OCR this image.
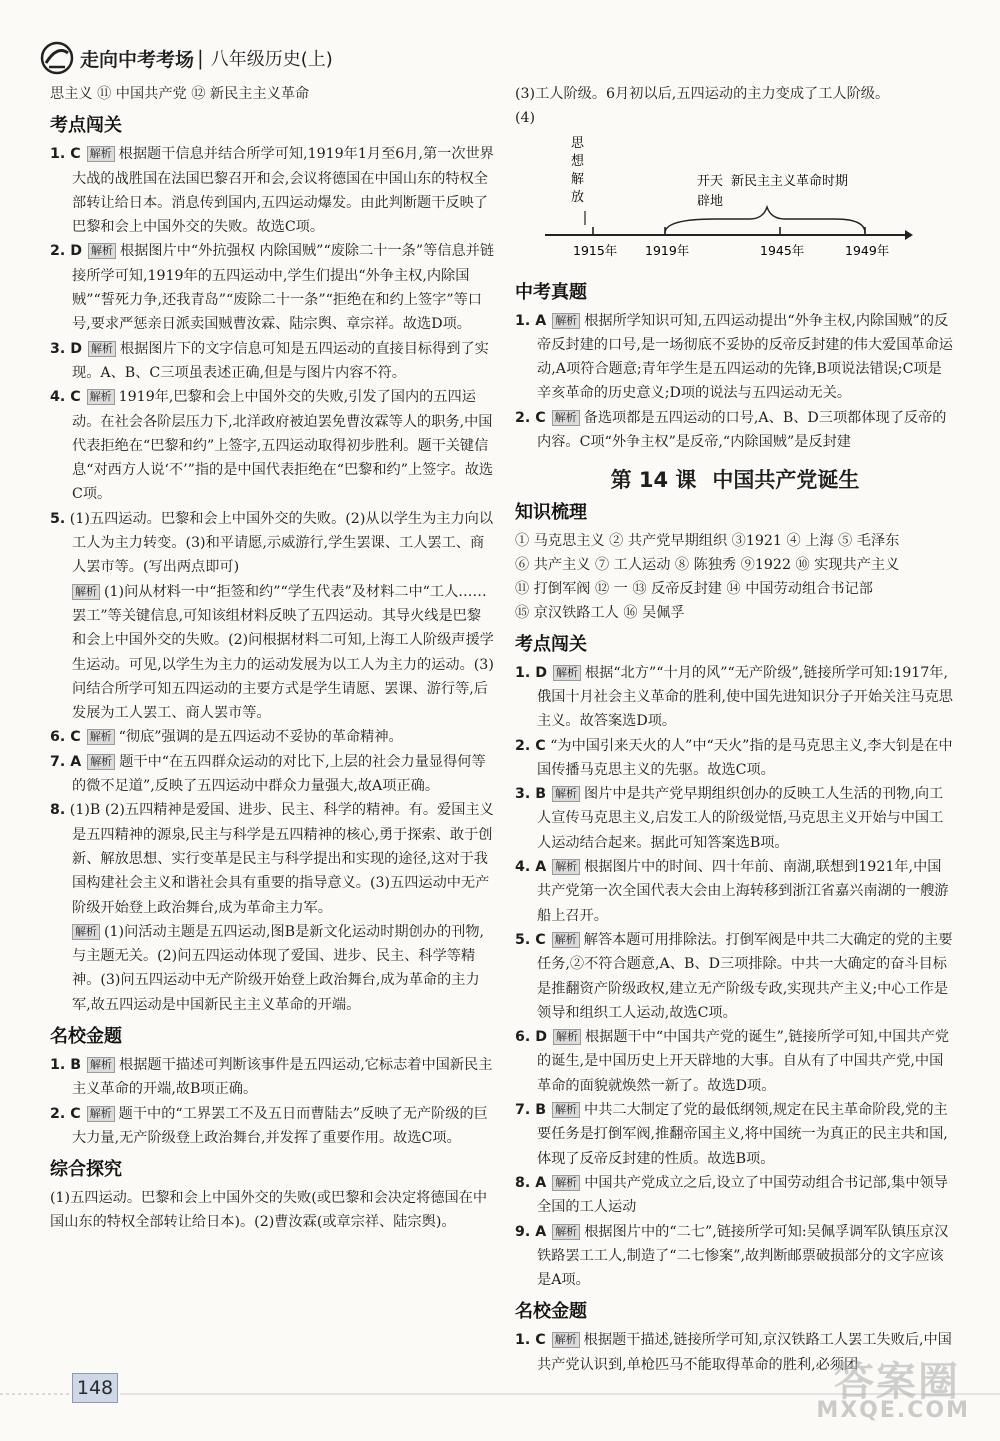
走向中考考场 | 八年级历史(上)

思主义 ⑪ 中国共产党 ⑫ 新民主主义革命

考点闯关

1. C 解析 根据题干信息并结合所学可知,1919年1月至6月,第一次世界大战的战胜国在法国巴黎召开和会,会议将德国在中国山东的特权全部转让给日本。消息传到国内,五四运动爆发。由此判断题干反映了巴黎和会上中国外交的失败。故选C项。

2. D 解析 根据图片中“外抗强权 内除国贼”“废除二十一条”等信息并链接所学可知,1919年的五四运动中,学生们提出“外争主权,内除国贼”“誓死力争,还我青岛”“废除二十一条”“拒绝在和约上签字”等口号,要求严惩亲日派卖国贼曹汝霖、陆宗舆、章宗祥。故选D项。

3. D 解析 根据图片下的文字信息可知是五四运动的直接目标得到了实现。A、B、C三项虽表述正确,但是与图片内容不符。

4. C 解析 1919年,巴黎和会上中国外交的失败,引发了国内的五四运动。在社会各阶层压力下,北洋政府被迫罢免曹汝霖等人的职务,中国代表拒绝在“巴黎和约”上签字,五四运动取得初步胜利。题干关键信息“对西方人说‘不’”指的是中国代表拒绝在“巴黎和约”上签字。故选C项。

5. (1)五四运动。巴黎和会上中国外交的失败。(2)从以学生为主力向以工人为主力转变。(3)和平请愿,示威游行,学生罢课、工人罢工、商人罢市等。(写出两点即可)

解析 (1)问从材料一中“拒签和约”“学生代表”及材料二中“工人……罢工”等关键信息,可知该组材料反映了五四运动。其导火线是巴黎和会上中国外交的失败。(2)问根据材料二可知,上海工人阶级声援学生运动。可见,以学生为主力的运动发展为以工人为主力的运动。(3)问结合所学可知五四运动的主要方式是学生请愿、罢课、游行等,后发展为工人罢工、商人罢市等。

6. C 解析 “彻底”强调的是五四运动不妥协的革命精神。

7. A 解析 题干中“在五四群众运动的对比下,上层的社会力量显得何等的微不足道”,反映了五四运动中群众力量强大,故A项正确。

8. (1)B (2)五四精神是爱国、进步、民主、科学的精神。有。爱国主义是五四精神的源泉,民主与科学是五四精神的核心,勇于探索、敢于创新、解放思想、实行变革是民主与科学提出和实现的途径,这对于我国构建社会主义和谐社会具有重要的指导意义。(3)五四运动中无产阶级开始登上政治舞台,成为革命主力军。

解析 (1)问活动主题是五四运动,图B是新文化运动时期创办的刊物,与主题无关。(2)问五四运动体现了爱国、进步、民主、科学等精神。(3)问五四运动中无产阶级开始登上政治舞台,成为革命的主力军,故五四运动是中国新民主主义革命的开端。

名校金题

1. B 解析 根据题干描述可判断该事件是五四运动,它标志着中国新民主主义革命的开端,故B项正确。

2. C 解析 题干中的“工界罢工不及五日而曹陆去”反映了无产阶级的巨大力量,无产阶级登上政治舞台,并发挥了重要作用。故选C项。

综合探究

(1)五四运动。巴黎和会上中国外交的失败(或巴黎和会决定将德国在中国山东的特权全部转让给日本)。(2)曹汝霖(或章宗祥、陆宗舆)。

(3)工人阶级。6月初以后,五四运动的主力变成了工人阶级。

(4)

思
想
解
放
开天 新民主主义革命时期
辟地
1915年 1919年	1945年	1949年
中考真题

1. A 解析 根据所学知识可知,五四运动提出“外争主权,内除国贼”的反帝反封建的口号,是一场彻底不妥协的反帝反封建的伟大爱国革命运动,A项符合题意;青年学生是五四运动的先锋,B项说法错误;C项是辛亥革命的历史意义;D项的说法与五四运动无关。

2. C 解析 备选项都是五四运动的口号,A、B、D三项都体现了反帝的内容。C项“外争主权”是反帝,“内除国贼”是反封建

第 14 课 中国共产党诞生
知识梳理

① 马克思主义 ② 共产党早期组织 ③1921 ④ 上海 ⑤ 毛泽东

⑥ 共产主义 ⑦ 工人运动 ⑧ 陈独秀 ⑨1922 ⑩ 实现共产主义

⑪ 打倒军阀 ⑫ 一 ⑬ 反帝反封建 ⑭ 中国劳动组合书记部

⑮ 京汉铁路工人 ⑯ 吴佩孚

考点闯关

1. D 解析 根据“北方”“十月的风”“无产阶级”,链接所学可知:1917年,俄国十月社会主义革命的胜利,使中国先进知识分子开始关注马克思主义。故答案选D项。

2. C “为中国引来天火的人”中“天火”指的是马克思主义,李大钊是在中国传播马克思主义的先驱。故选C项。

3. B 解析 图片中是共产党早期组织创办的反映工人生活的刊物,向工人宣传马克思主义,启发工人的阶级觉悟,马克思主义开始与中国工人运动结合起来。据此可知答案选B项。

4. A 解析 根据图片中的时间、四十年前、南湖,联想到1921年,中国共产党第一次全国代表大会由上海转移到浙江省嘉兴南湖的一艘游船上召开。

5. C 解析 解答本题可用排除法。打倒军阀是中共二大确定的党的主要任务,②不符合题意,A、B、D三项排除。中共一大确定的奋斗目标是推翻资产阶级政权,建立无产阶级专政,实现共产主义;中心工作是领导和组织工人运动,故选C项。

6. D 解析 根据题干中“中国共产党的诞生”,链接所学可知,中国共产党的诞生,是中国历史上开天辟地的大事。自从有了中国共产党,中国革命的面貌就焕然一新了。故选D项。

7. B 解析 中共二大制定了党的最低纲领,规定在民主革命阶段,党的主要任务是打倒军阀,推翻帝国主义,将中国统一为真正的民主共和国,体现了反帝反封建的性质。故选B项。

8. A 解析 中国共产党成立之后,设立了中国劳动组合书记部,集中领导全国的工人运动

9. A 解析 根据图片中的“二七”,链接所学可知:吴佩孚调军队镇压京汉铁路罢工工人,制造了“二七惨案”,故判断邮票破损部分的文字应该是A项。

名校金题

1. C 解析 根据题干描述,链接所学可知,京汉铁路工人罢工失败后,中国共产党认识到,单枪匹马不能取得革命的胜利,必须团

148	答案圈
MXQE.COM
